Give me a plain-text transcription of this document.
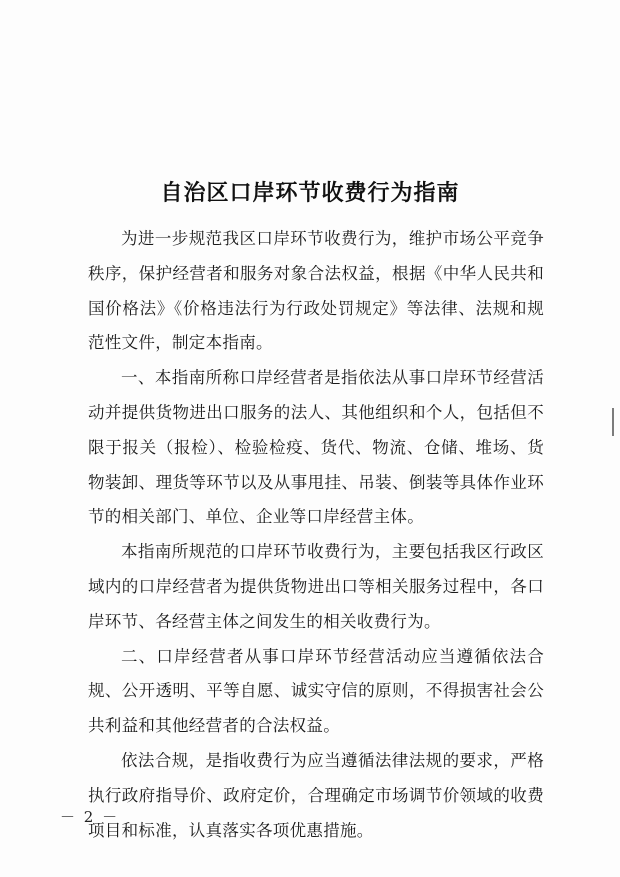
自治区口岸环节收费行为指南

为进一步规范我区口岸环节收费行为，维护市场公平竞争秩序，保护经营者和服务对象合法权益，根据《中华人民共和国价格法》《价格违法行为行政处罚规定》等法律、法规和规范性文件，制定本指南。

一、本指南所称口岸经营者是指依法从事口岸环节经营活动并提供货物进出口服务的法人、其他组织和个人，包括但不限于报关（报检）、检验检疫、货代、物流、仓储、堆场、货物装卸、理货等环节以及从事甩挂、吊装、倒装等具体作业环节的相关部门、单位、企业等口岸经营主体。

本指南所规范的口岸环节收费行为，主要包括我区行政区域内的口岸经营者为提供货物进出口等相关服务过程中，各口岸环节、各经营主体之间发生的相关收费行为。

二、口岸经营者从事口岸环节经营活动应当遵循依法合规、公开透明、平等自愿、诚实守信的原则，不得损害社会公共利益和其他经营者的合法权益。

依法合规，是指收费行为应当遵循法律法规的要求，严格执行政府指导价、政府定价，合理确定市场调节价领域的收费项目和标准，认真落实各项优惠措施。

－ 2 －
